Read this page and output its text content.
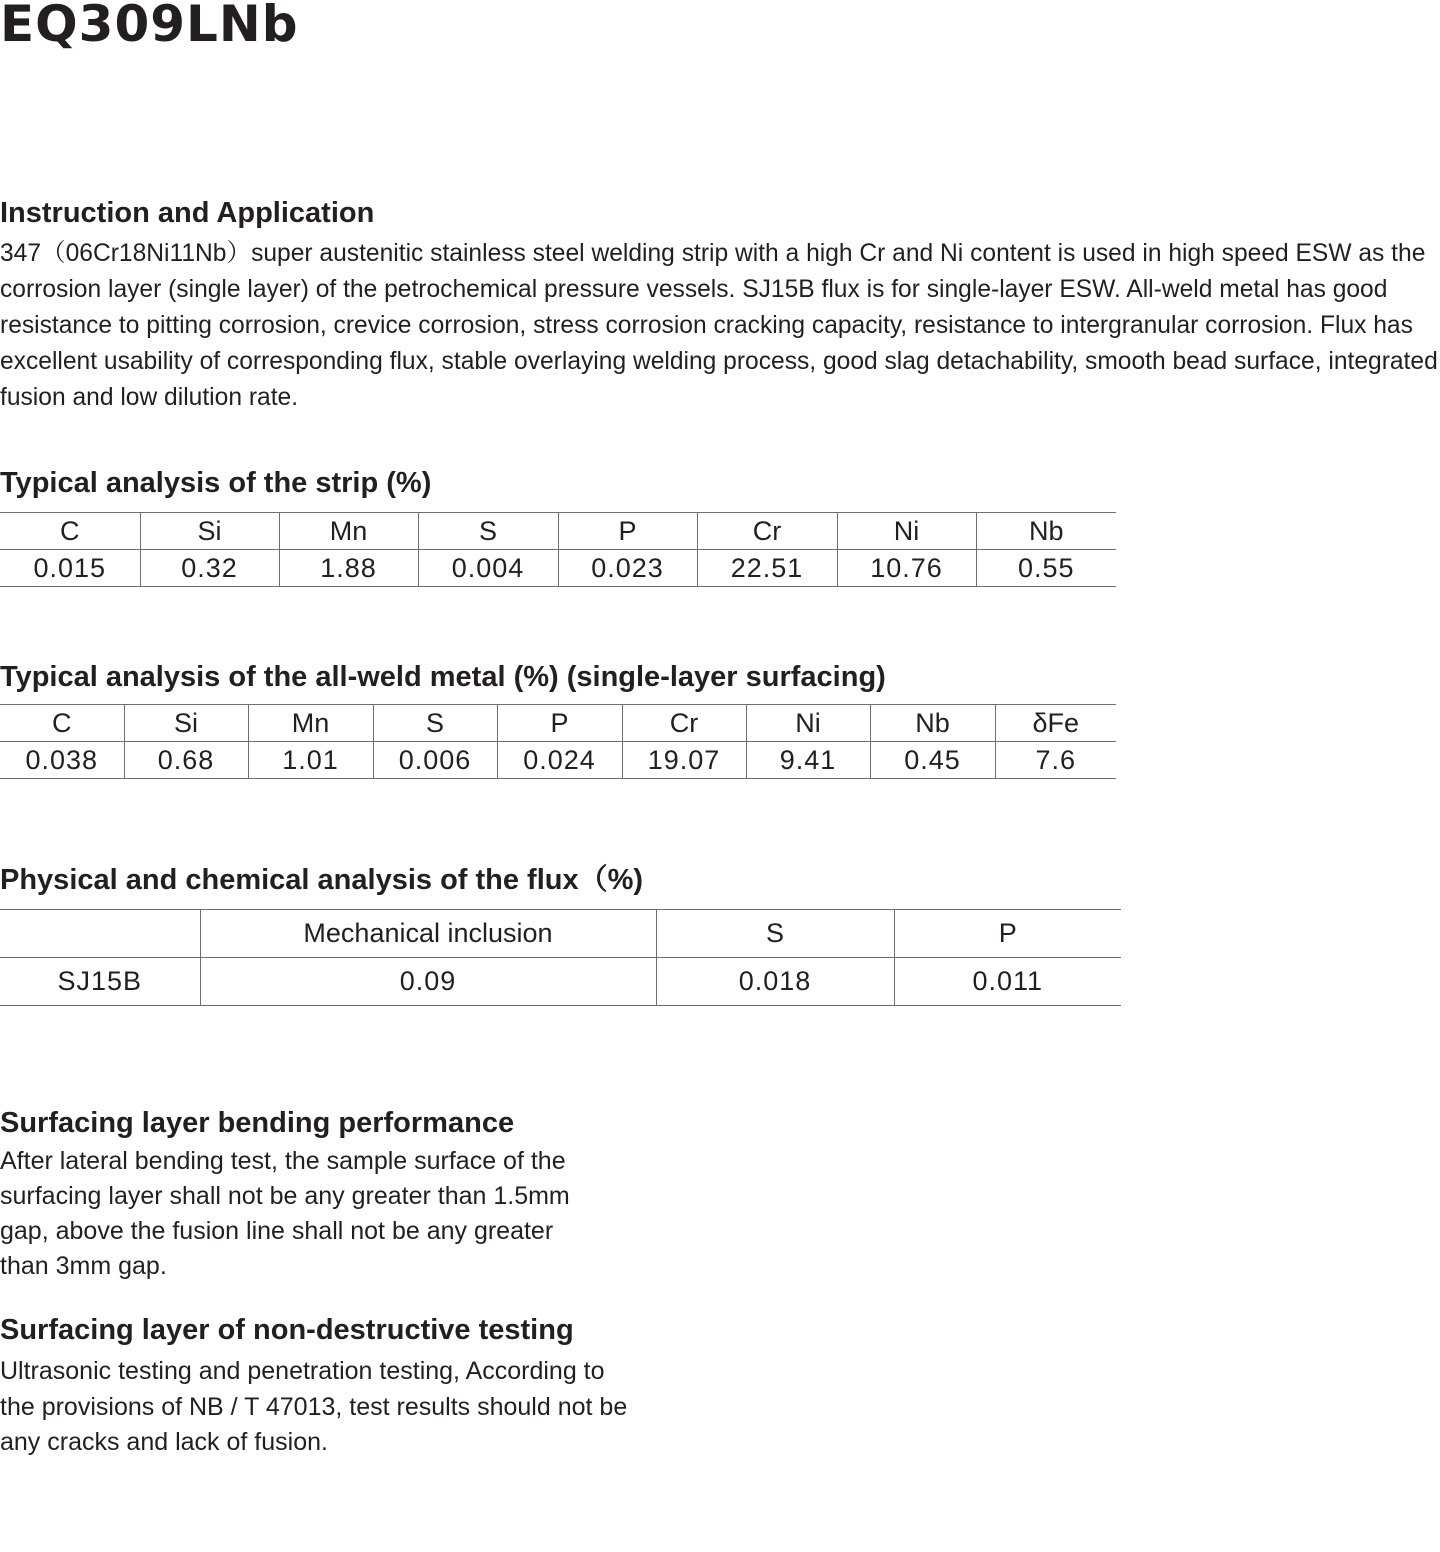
EQ309LNb
Instruction and Application

347（06Cr18Ni11Nb）super austenitic stainless steel welding strip with a high Cr and Ni content is used in high speed ESW as the corrosion layer (single layer) of the petrochemical pressure vessels. SJ15B flux is for single-layer ESW. All-weld metal has good resistance to pitting corrosion, crevice corrosion, stress corrosion cracking capacity, resistance to intergranular corrosion. Flux has excellent usability of corresponding flux, stable overlaying welding process, good slag detachability, smooth bead surface, integrated fusion and low dilution rate.

Typical analysis of the strip (%)
C	Si	Mn	S	P	Cr	Ni	Nb
0.015	0.32	1.88	0.004	0.023	22.51	10.76	0.55
Typical analysis of the all-weld metal (%) (single-layer surfacing)
C	Si	Mn	S	P	Cr	Ni	Nb	δFe
0.038	0.68	1.01	0.006	0.024	19.07	9.41	0.45	7.6
Physical and chemical analysis of the flux（%)
	Mechanical inclusion	S	P
SJ15B	0.09	0.018	0.011
Surfacing layer bending performance
After lateral bending test, the sample surface of the
surfacing layer shall not be any greater than 1.5mm
gap, above the fusion line shall not be any greater
than 3mm gap.
Surfacing layer of non-destructive testing
Ultrasonic testing and penetration testing, According to
the provisions of NB / T 47013, test results should not be
any cracks and lack of fusion.
